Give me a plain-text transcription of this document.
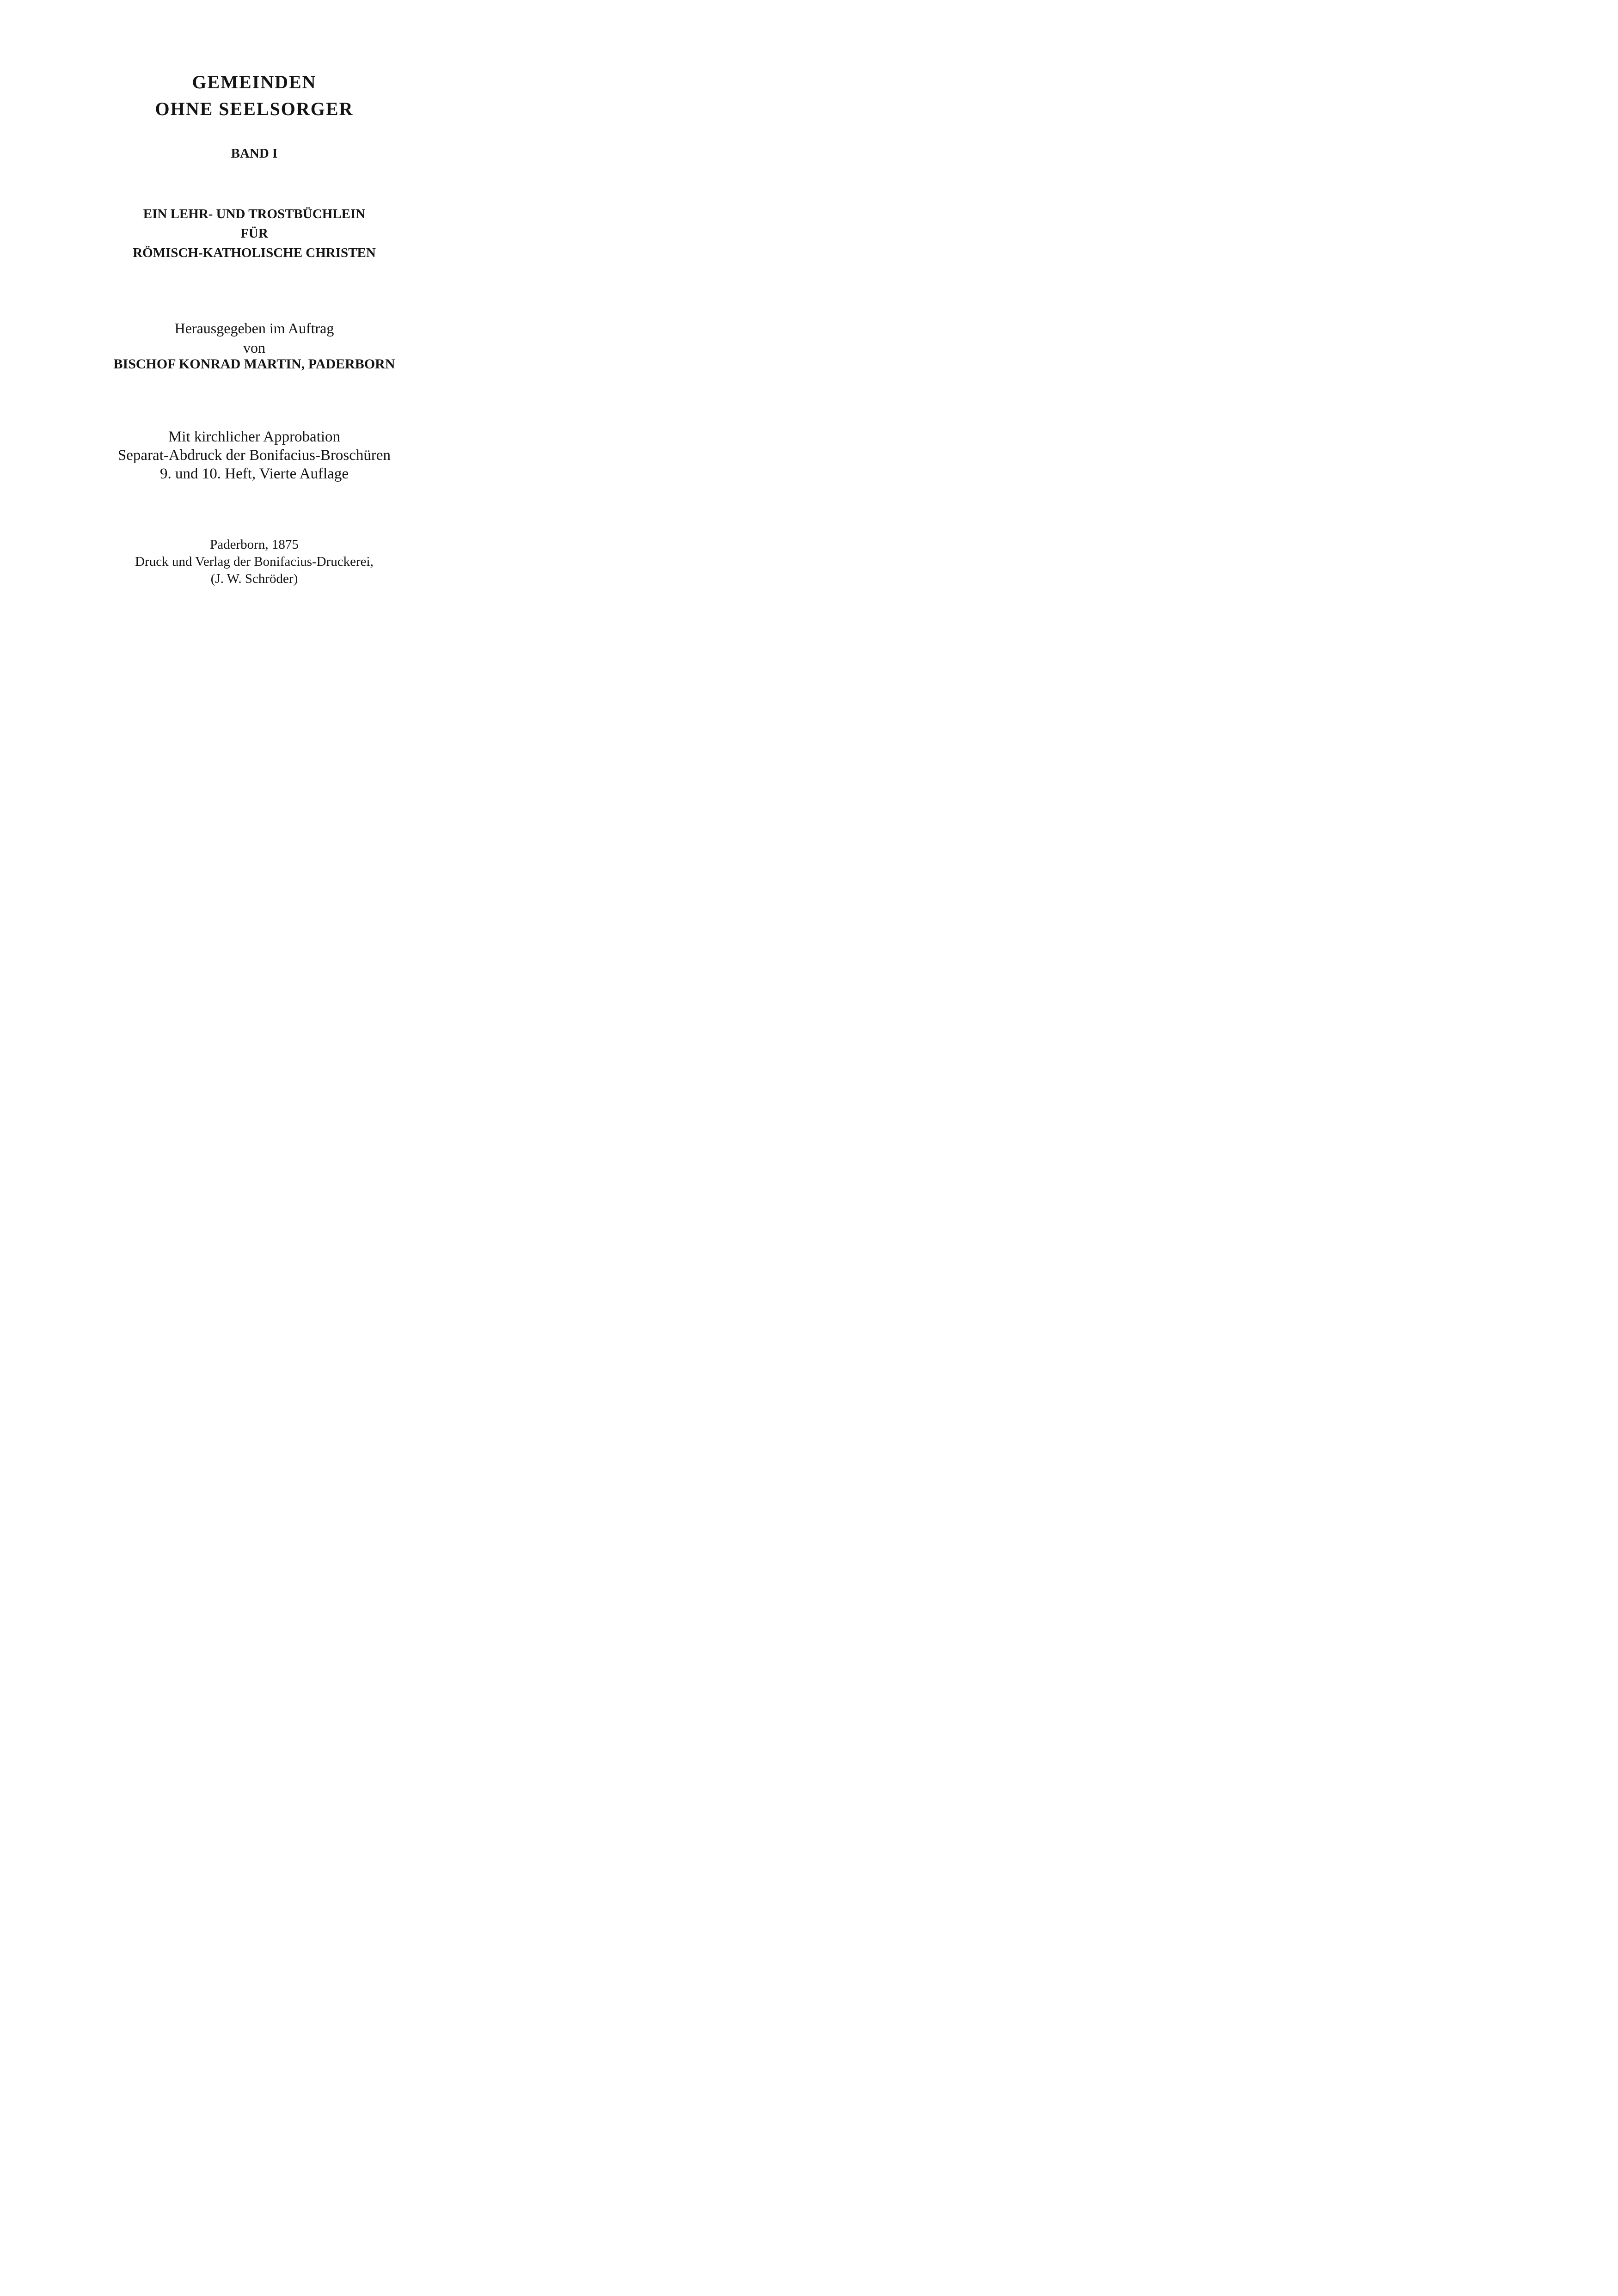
GEMEINDEN
OHNE SEELSORGER
BAND I
EIN LEHR- UND TROSTBÜCHLEIN
FÜR
RÖMISCH-KATHOLISCHE CHRISTEN
Herausgegeben im Auftrag
von
BISCHOF KONRAD MARTIN, PADERBORN
Mit kirchlicher Approbation
Separat-Abdruck der Bonifacius-Broschüren
9. und 10. Heft, Vierte Auflage
Paderborn, 1875
Druck und Verlag der Bonifacius-Druckerei,
(J. W. Schröder)
